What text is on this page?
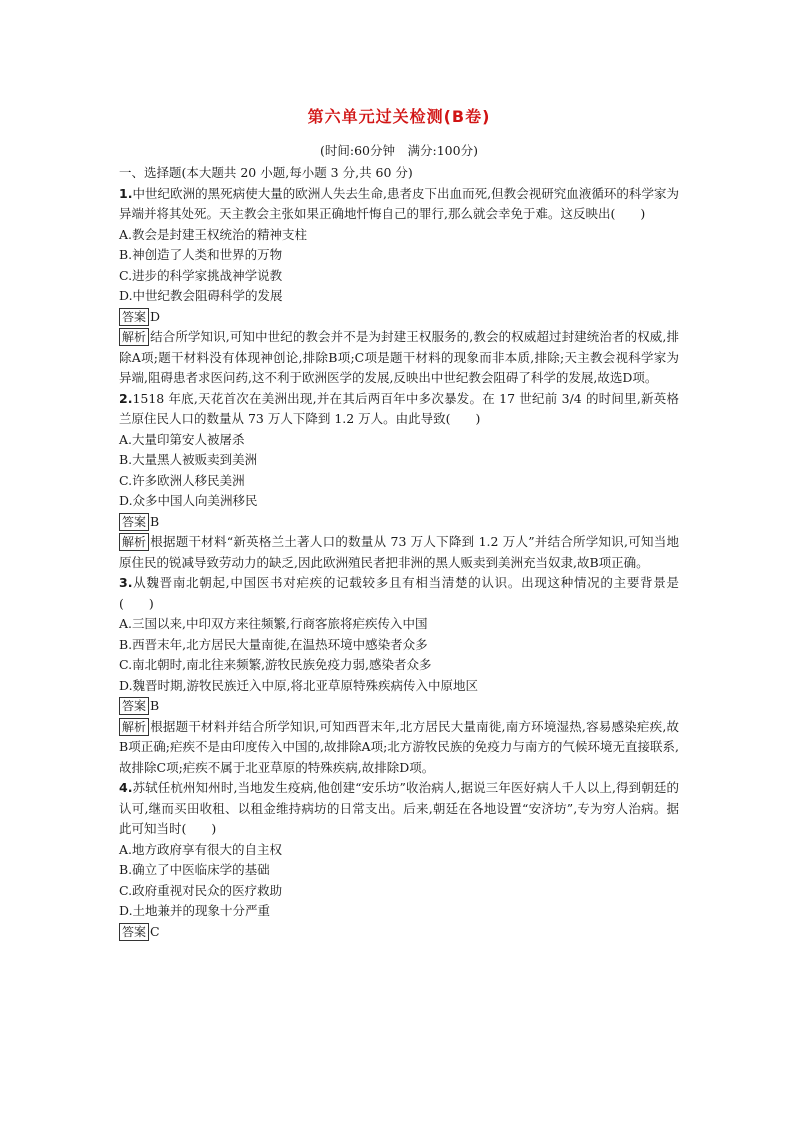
第六单元过关检测(B卷)

(时间:60分钟　满分:100分)

一、选择题(本大题共 20 小题,每小题 3 分,共 60 分)

1.中世纪欧洲的黑死病使大量的欧洲人失去生命,患者皮下出血而死,但教会视研究血液循环的科学家为异端并将其处死。天主教会主张如果正确地忏悔自己的罪行,那么就会幸免于难。这反映出(　　)

A.教会是封建王权统治的精神支柱

B.神创造了人类和世界的万物

C.进步的科学家挑战神学说教

D.中世纪教会阻碍科学的发展

答案 D

解析 结合所学知识,可知中世纪的教会并不是为封建王权服务的,教会的权威超过封建统治者的权威,排除A项;题干材料没有体现神创论,排除B项;C项是题干材料的现象而非本质,排除;天主教会视科学家为异端,阻碍患者求医问药,这不利于欧洲医学的发展,反映出中世纪教会阻碍了科学的发展,故选D项。

2.1518 年底,天花首次在美洲出现,并在其后两百年中多次暴发。在 17 世纪前 3/4 的时间里,新英格兰原住民人口的数量从 73 万人下降到 1.2 万人。由此导致(　　)

A.大量印第安人被屠杀

B.大量黑人被贩卖到美洲

C.许多欧洲人移民美洲

D.众多中国人向美洲移民

答案 B

解析 根据题干材料“新英格兰土著人口的数量从 73 万人下降到 1.2 万人”并结合所学知识,可知当地原住民的锐减导致劳动力的缺乏,因此欧洲殖民者把非洲的黑人贩卖到美洲充当奴隶,故B项正确。

3.从魏晋南北朝起,中国医书对疟疾的记载较多且有相当清楚的认识。出现这种情况的主要背景是(　　)

A.三国以来,中印双方来往频繁,行商客旅将疟疾传入中国

B.西晋末年,北方居民大量南徙,在温热环境中感染者众多

C.南北朝时,南北往来频繁,游牧民族免疫力弱,感染者众多

D.魏晋时期,游牧民族迁入中原,将北亚草原特殊疾病传入中原地区

答案 B

解析 根据题干材料并结合所学知识,可知西晋末年,北方居民大量南徙,南方环境湿热,容易感染疟疾,故B项正确;疟疾不是由印度传入中国的,故排除A项;北方游牧民族的免疫力与南方的气候环境无直接联系,故排除C项;疟疾不属于北亚草原的特殊疾病,故排除D项。

4.苏轼任杭州知州时,当地发生疫病,他创建“安乐坊”收治病人,据说三年医好病人千人以上,得到朝廷的认可,继而买田收租、以租金维持病坊的日常支出。后来,朝廷在各地设置“安济坊”,专为穷人治病。据此可知当时(　　)

A.地方政府享有很大的自主权

B.确立了中医临床学的基础

C.政府重视对民众的医疗救助

D.土地兼并的现象十分严重

答案 C
